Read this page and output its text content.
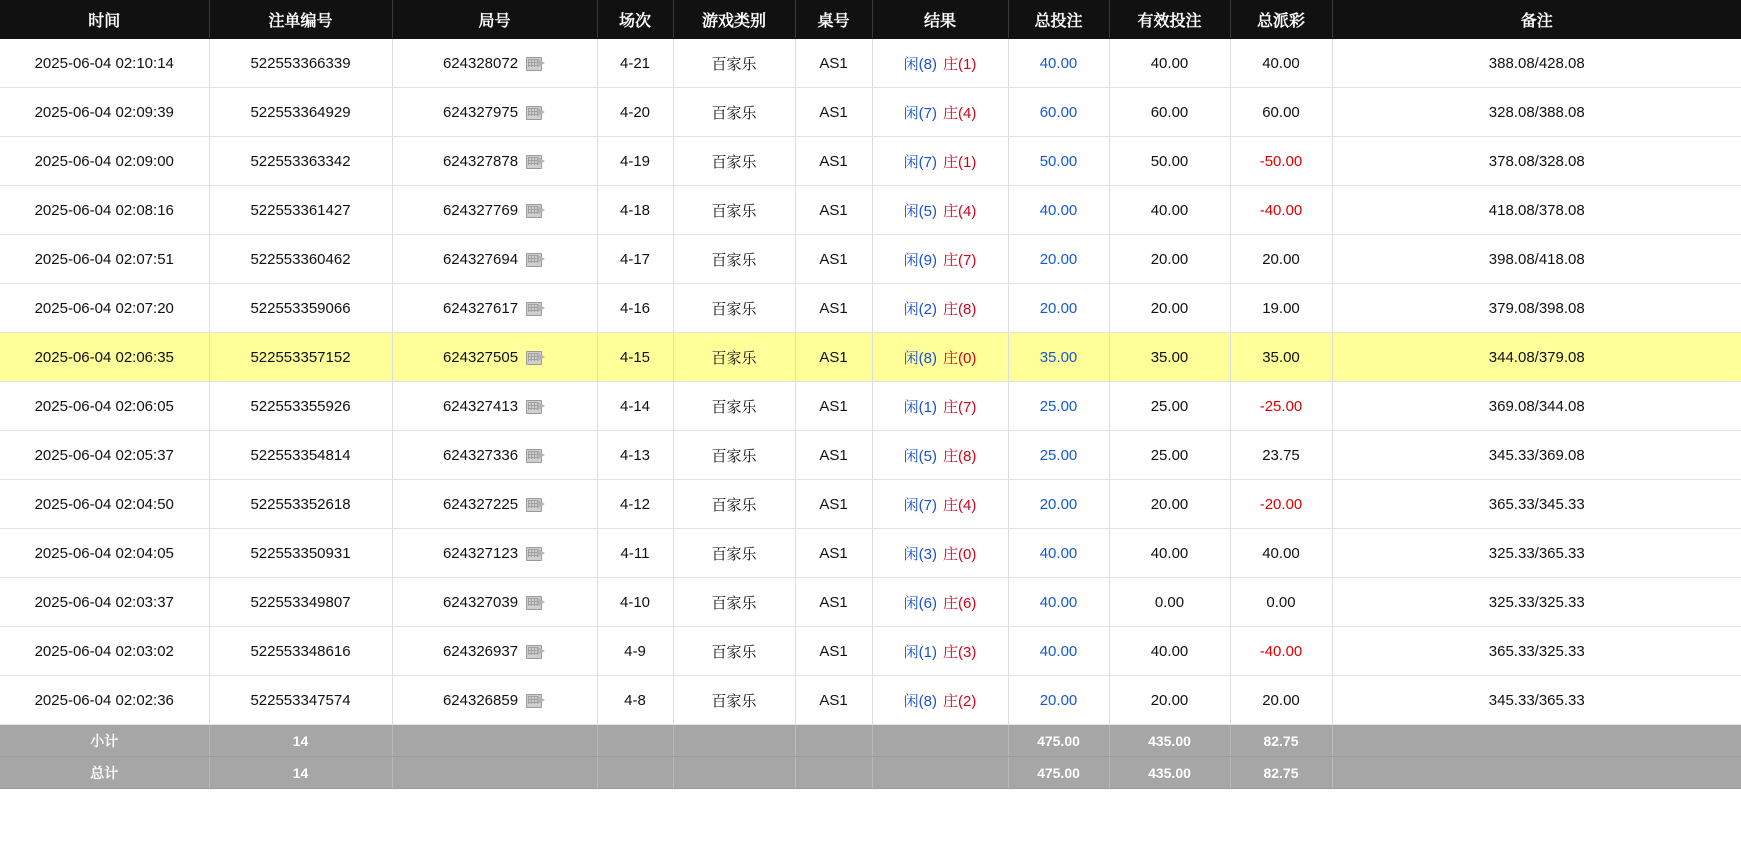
时间	注单编号	局号	场次	游戏类别	桌号	结果	总投注	有效投注	总派彩	备注
2025-06-04 02:10:14	522553366339	624328072	4-21	百家乐	AS1	闲(8) 庄(1)	40.00	40.00	40.00	388.08/428.08
2025-06-04 02:09:39	522553364929	624327975	4-20	百家乐	AS1	闲(7) 庄(4)	60.00	60.00	60.00	328.08/388.08
2025-06-04 02:09:00	522553363342	624327878	4-19	百家乐	AS1	闲(7) 庄(1)	50.00	50.00	-50.00	378.08/328.08
2025-06-04 02:08:16	522553361427	624327769	4-18	百家乐	AS1	闲(5) 庄(4)	40.00	40.00	-40.00	418.08/378.08
2025-06-04 02:07:51	522553360462	624327694	4-17	百家乐	AS1	闲(9) 庄(7)	20.00	20.00	20.00	398.08/418.08
2025-06-04 02:07:20	522553359066	624327617	4-16	百家乐	AS1	闲(2) 庄(8)	20.00	20.00	19.00	379.08/398.08
2025-06-04 02:06:35	522553357152	624327505	4-15	百家乐	AS1	闲(8) 庄(0)	35.00	35.00	35.00	344.08/379.08
2025-06-04 02:06:05	522553355926	624327413	4-14	百家乐	AS1	闲(1) 庄(7)	25.00	25.00	-25.00	369.08/344.08
2025-06-04 02:05:37	522553354814	624327336	4-13	百家乐	AS1	闲(5) 庄(8)	25.00	25.00	23.75	345.33/369.08
2025-06-04 02:04:50	522553352618	624327225	4-12	百家乐	AS1	闲(7) 庄(4)	20.00	20.00	-20.00	365.33/345.33
2025-06-04 02:04:05	522553350931	624327123	4-11	百家乐	AS1	闲(3) 庄(0)	40.00	40.00	40.00	325.33/365.33
2025-06-04 02:03:37	522553349807	624327039	4-10	百家乐	AS1	闲(6) 庄(6)	40.00	0.00	0.00	325.33/325.33
2025-06-04 02:03:02	522553348616	624326937	4-9	百家乐	AS1	闲(1) 庄(3)	40.00	40.00	-40.00	365.33/325.33
2025-06-04 02:02:36	522553347574	624326859	4-8	百家乐	AS1	闲(8) 庄(2)	20.00	20.00	20.00	345.33/365.33
小计	14						475.00	435.00	82.75	
总计	14						475.00	435.00	82.75	
